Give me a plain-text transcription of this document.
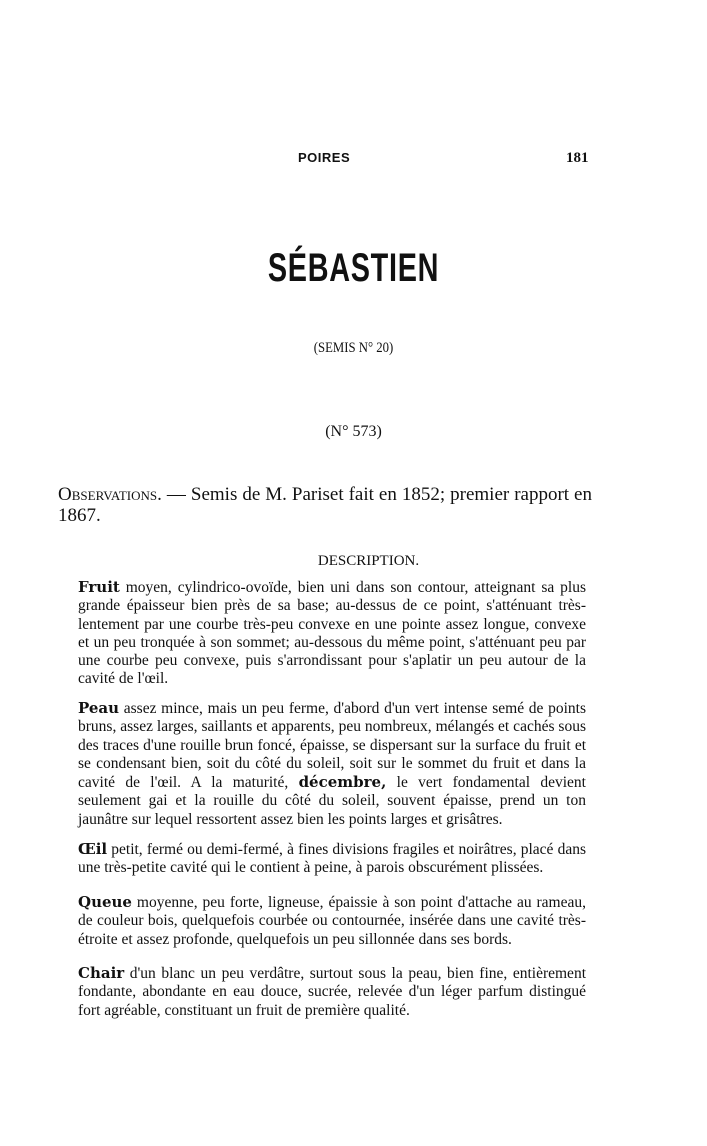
POIRES	181
SÉBASTIEN
(SEMIS N° 20)
(N° 573)
Observations. — Semis de M. Pariset fait en 1852; premier rapport en 1867.
DESCRIPTION.

Fruit moyen, cylindrico-ovoïde, bien uni dans son contour, atteignant sa plus grande épaisseur bien près de sa base; au-dessus de ce point, s'atténuant très-lentement par une courbe très-peu convexe en une pointe assez longue, convexe et un peu tronquée à son sommet; au-dessous du même point, s'atténuant peu par une courbe peu convexe, puis s'arrondissant pour s'aplatir un peu autour de la cavité de l'œil.

Peau assez mince, mais un peu ferme, d'abord d'un vert intense semé de points bruns, assez larges, saillants et apparents, peu nombreux, mélangés et cachés sous des traces d'une rouille brun foncé, épaisse, se dispersant sur la surface du fruit et se condensant bien, soit du côté du soleil, soit sur le sommet du fruit et dans la cavité de l'œil. A la maturité, décembre, le vert fondamental devient seulement gai et la rouille du côté du soleil, souvent épaisse, prend un ton jaunâtre sur lequel ressortent assez bien les points larges et grisâtres.

Œil petit, fermé ou demi-fermé, à fines divisions fragiles et noirâtres, placé dans une très-petite cavité qui le contient à peine, à parois obscurément plissées.

Queue moyenne, peu forte, ligneuse, épaissie à son point d'attache au rameau, de couleur bois, quelquefois courbée ou contournée, insérée dans une cavité très-étroite et assez profonde, quelquefois un peu sillonnée dans ses bords.

Chair d'un blanc un peu verdâtre, surtout sous la peau, bien fine, entièrement fondante, abondante en eau douce, sucrée, relevée d'un léger parfum distingué fort agréable, constituant un fruit de première qualité.
